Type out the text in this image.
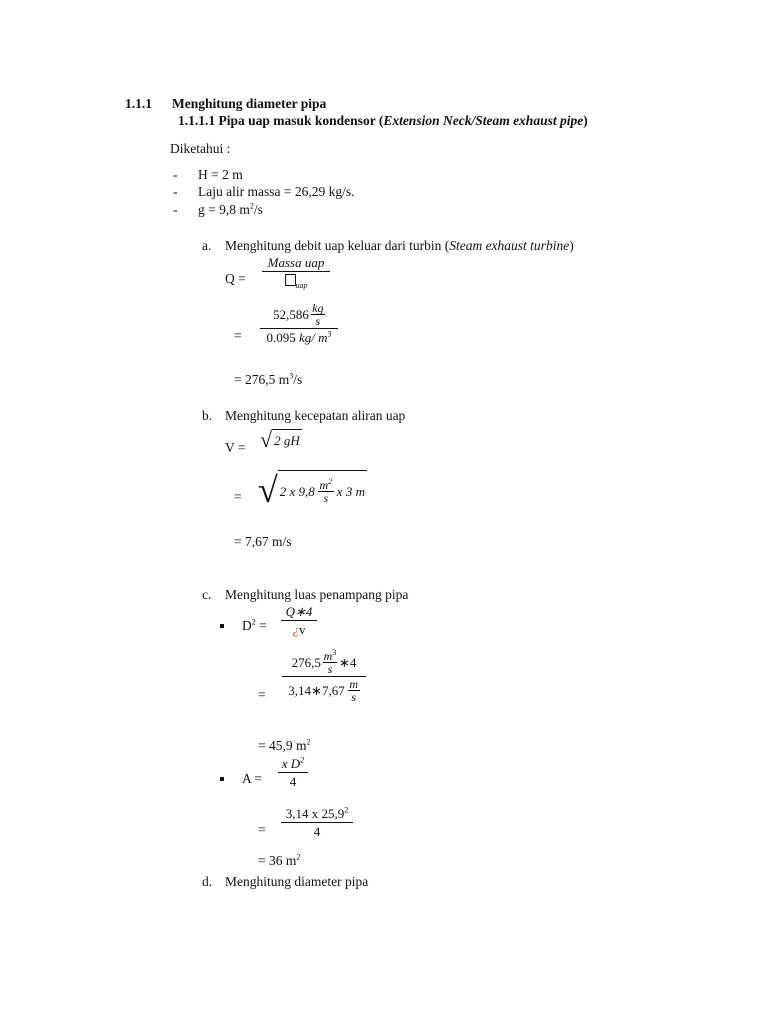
1.1.1 Menghitung diameter pipa
1.1.1.1 Pipa uap masuk kondensor (Extension Neck/Steam exhaust pipe)
Diketahui :
- H = 2 m
- Laju alir massa = 26,29 kg/s.
- g = 9,8 $m^2/s$
a. Menghitung debit uap keluar dari turbin (Steam exhaust turbine)
Q =
Massa uap
$_{uap}$
=
52,586 kg
s
0.095 kg/ $m^3$
= 276,5 $m^3/s$
b. Menghitung kecepatan aliran uap
V = √ 2 gH
= √ 2 x 9,8 $m^2$
s x 3 m
= 7,67 m/s
c. Menghitung luas penampang pipa
$D^2$ =
Q∗4
¿v
=
276,5 $m^3$
s ∗4
3,14∗7,67 m
s
= 45,9 $m^2$
A =
x $D^2$
4
=
3,14 x 25,9$^2$
4
= 36 $m^2$
d. Menghitung diameter pipa
